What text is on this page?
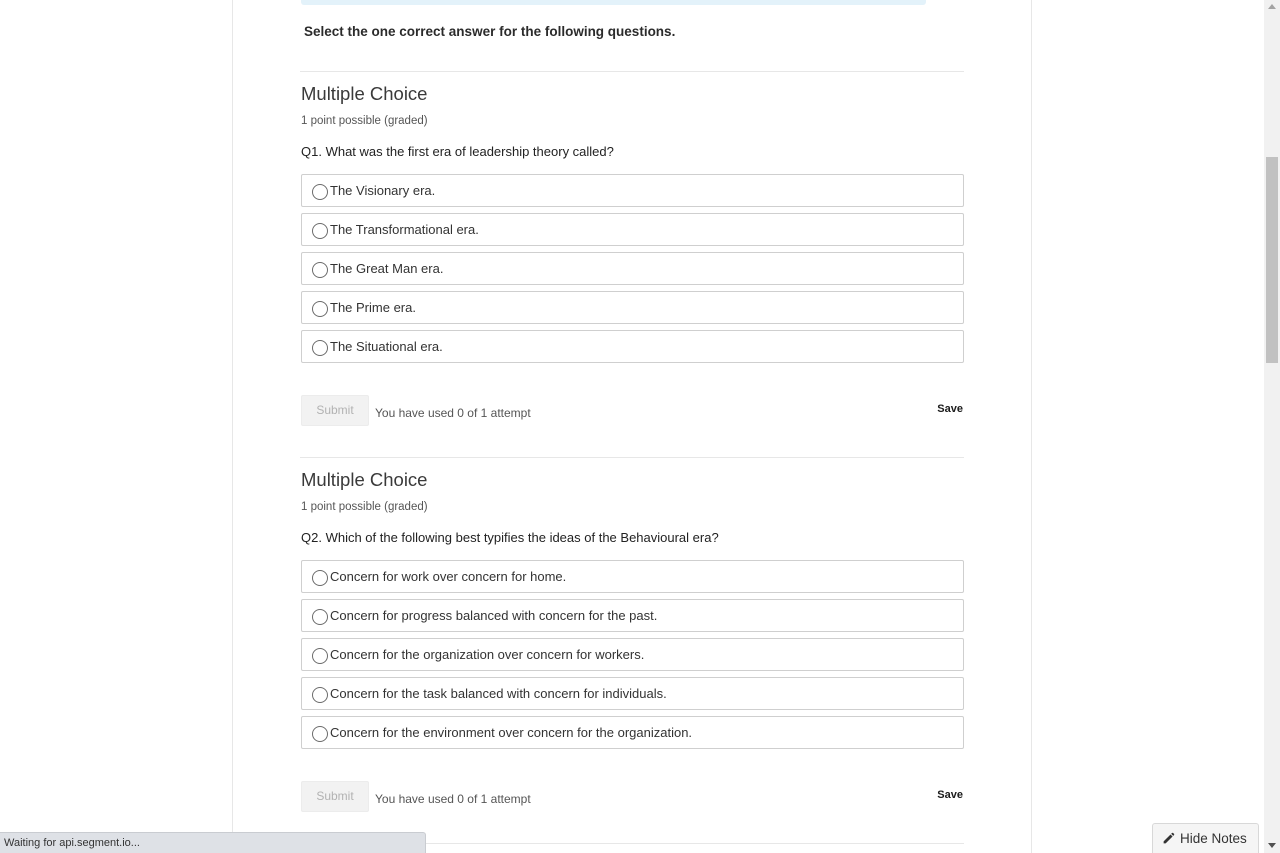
Select the one correct answer for the following questions.
Multiple Choice
1 point possible (graded)
Q1. What was the first era of leadership theory called?
The Visionary era.
The Transformational era.
The Great Man era.
The Prime era.
The Situational era.
Submit	You have used 0 of 1 attempt	Save
Multiple Choice
1 point possible (graded)
Q2. Which of the following best typifies the ideas of the Behavioural era?
Concern for work over concern for home.
Concern for progress balanced with concern for the past.
Concern for the organization over concern for workers.
Concern for the task balanced with concern for individuals.
Concern for the environment over concern for the organization.
Submit	You have used 0 of 1 attempt	Save
Waiting for api.segment.io...	Hide Notes
